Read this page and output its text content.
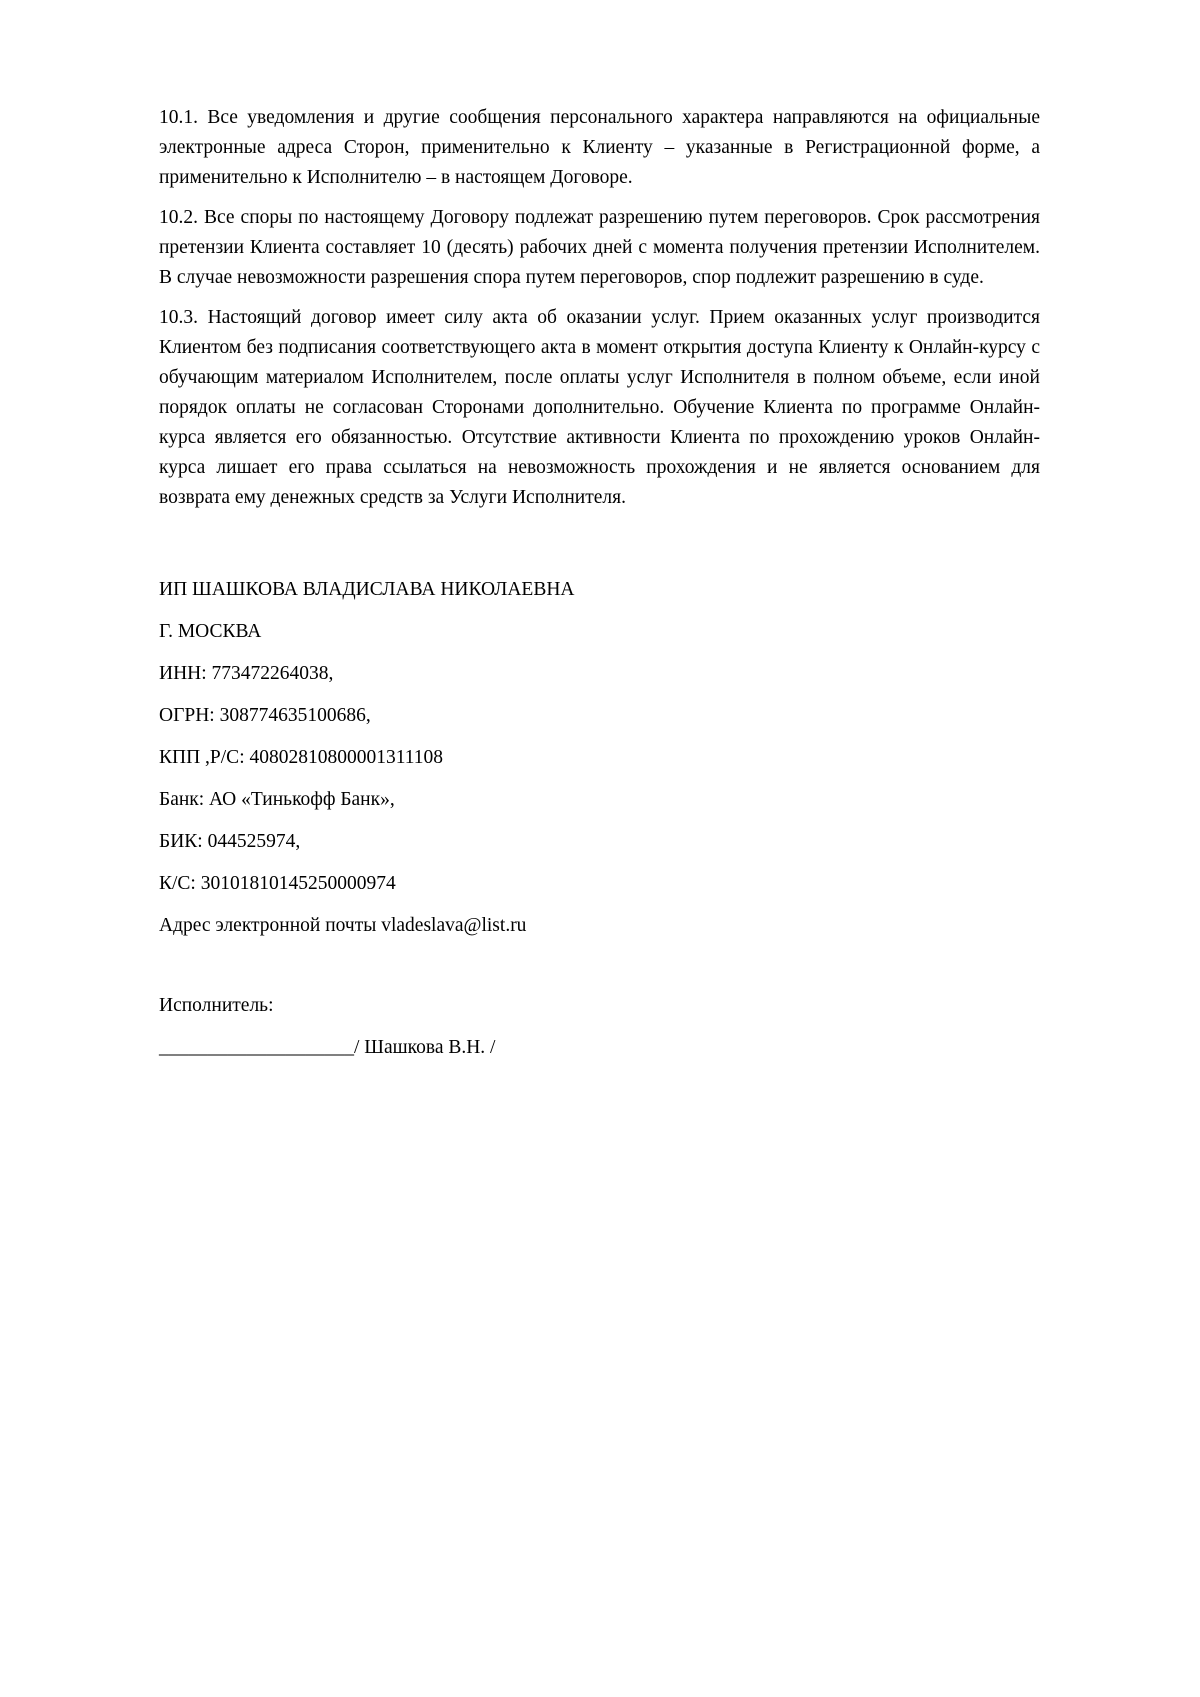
10.1. Все уведомления и другие сообщения персонального характера направляются на официальные электронные адреса Сторон, применительно к Клиенту – указанные в Регистрационной форме, а применительно к Исполнителю – в настоящем Договоре.

10.2. Все споры по настоящему Договору подлежат разрешению путем переговоров. Срок рассмотрения претензии Клиента составляет 10 (десять) рабочих дней с момента получения претензии Исполнителем. В случае невозможности разрешения спора путем переговоров, спор подлежит разрешению в суде.

10.3. Настоящий договор имеет силу акта об оказании услуг. Прием оказанных услуг производится Клиентом без подписания соответствующего акта в момент открытия доступа Клиенту к Онлайн-курсу с обучающим материалом Исполнителем, после оплаты услуг Исполнителя в полном объеме, если иной порядок оплаты не согласован Сторонами дополнительно. Обучение Клиента по программе Онлайн-курса является его обязанностью. Отсутствие активности Клиента по прохождению уроков Онлайн-курса лишает его права ссылаться на невозможность прохождения и не является основанием для возврата ему денежных средств за Услуги Исполнителя.

ИП ШАШКОВА ВЛАДИСЛАВА НИКОЛАЕВНА

Г. МОСКВА

ИНН: 773472264038,

ОГРН: 308774635100686,

КПП ,Р/С: 40802810800001311108

Банк: АО «Тинькофф Банк»,

БИК: 044525974,

К/С: 30101810145250000974

Адрес электронной почты vladeslava@list.ru

Исполнитель:

____________________/ Шашкова В.Н. /
